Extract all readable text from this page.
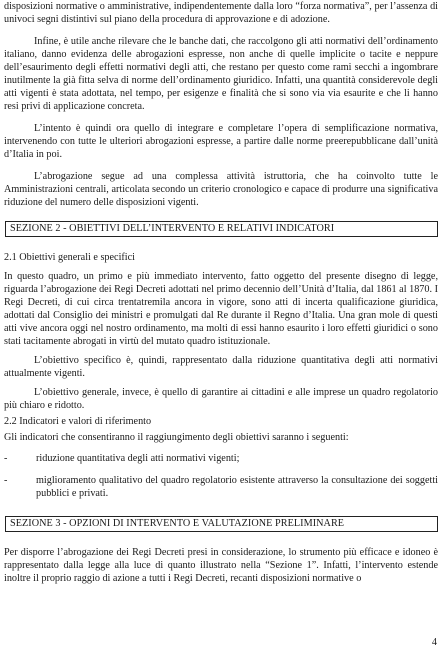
disposizioni normative o amministrative, indipendentemente dalla loro “forza normativa”, per l’assenza di univoci segni distintivi sul piano della procedura di approvazione e di adozione.

Infine, è utile anche rilevare che le banche dati, che raccolgono gli atti normativi dell’ordinamento italiano, danno evidenza delle abrogazioni espresse, non anche di quelle implicite o tacite e neppure dell’esaurimento degli effetti normativi degli atti, che restano per questo come rami secchi a ingombrare inutilmente la già fitta selva di norme dell’ordinamento giuridico. Infatti, una quantità considerevole degli atti vigenti è stata adottata, nel tempo, per esigenze e finalità che si sono via via esaurite e che li hanno resi privi di applicazione concreta.

L’intento è quindi ora quello di integrare e completare l’opera di semplificazione normativa, intervenendo con tutte le ulteriori abrogazioni espresse, a partire dalle norme preerepubblicane dall’unità d’Italia in poi.

L’abrogazione segue ad una complessa attività istruttoria, che ha coinvolto tutte le Amministrazioni centrali, articolata secondo un criterio cronologico e capace di produrre una significativa riduzione del numero delle disposizioni vigenti.

SEZIONE 2 - OBIETTIVI DELL’INTERVENTO E RELATIVI INDICATORI

2.1 Obiettivi generali e specifici

In questo quadro, un primo e più immediato intervento, fatto oggetto del presente disegno di legge, riguarda l’abrogazione dei Regi Decreti adottati nel primo decennio dell’Unità d’Italia, dal 1861 al 1870. I Regi Decreti, di cui circa trentatremila ancora in vigore, sono atti di incerta qualificazione giuridica, adottati dal Consiglio dei ministri e promulgati dal Re durante il Regno d’Italia. Una gran mole di questi atti vive ancora oggi nel nostro ordinamento, ma molti di essi hanno esaurito i loro effetti giuridici o sono stati tacitamente abrogati in virtù del mutato quadro istituzionale.

L’obiettivo specifico è, quindi, rappresentato dalla riduzione quantitativa degli atti normativi attualmente vigenti.

L’obiettivo generale, invece, è quello di garantire ai cittadini e alle imprese un quadro regolatorio più chiaro e ridotto.

2.2 Indicatori e valori di riferimento

Gli indicatori che consentiranno il raggiungimento degli obiettivi saranno i seguenti:

-	riduzione quantitativa degli atti normativi vigenti;
-	miglioramento qualitativo del quadro regolatorio esistente attraverso la consultazione dei soggetti pubblici e privati.
SEZIONE 3 - OPZIONI DI INTERVENTO E VALUTAZIONE PRELIMINARE

Per disporre l’abrogazione dei Regi Decreti presi in considerazione, lo strumento più efficace e idoneo è rappresentato dalla legge alla luce di quanto illustrato nella “Sezione 1”. Infatti, l’intervento estende inoltre il proprio raggio di azione a tutti i Regi Decreti, recanti disposizioni normative o

4
